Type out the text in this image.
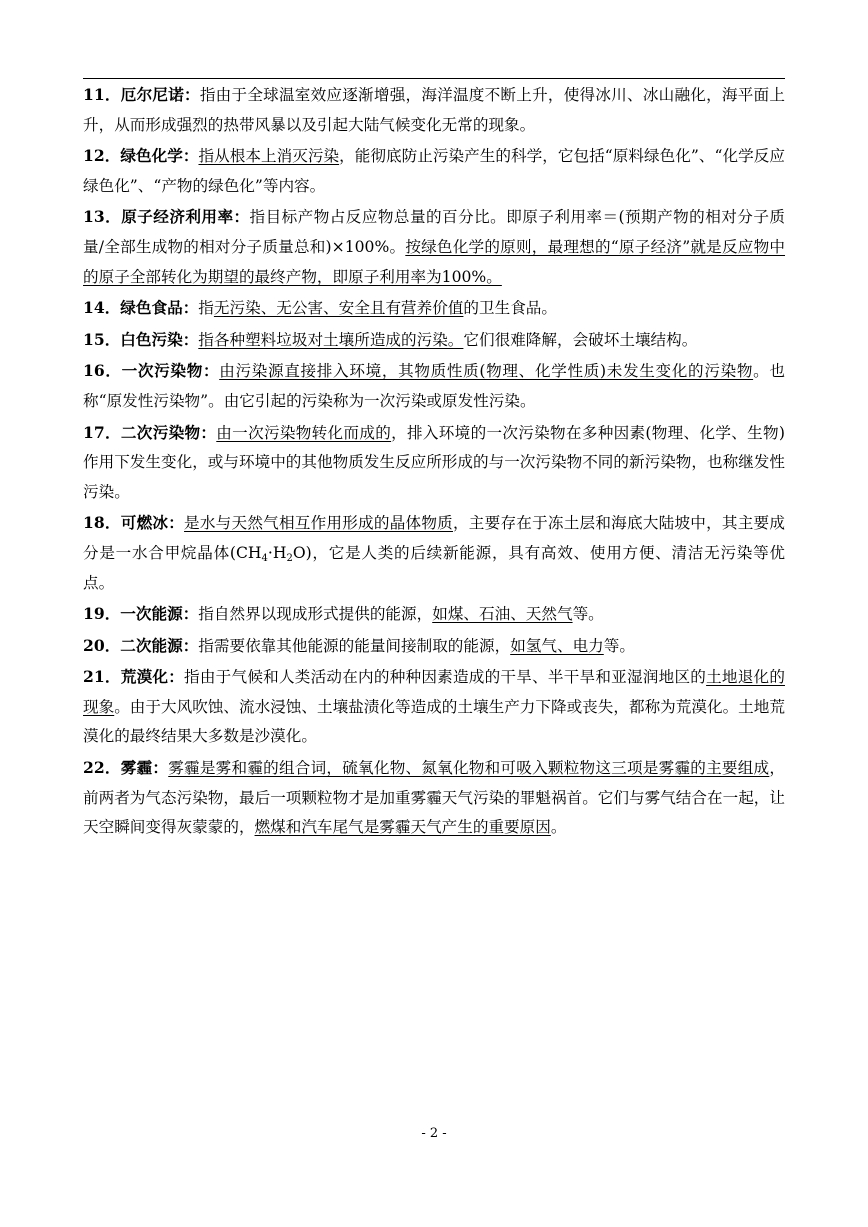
11．厄尔尼诺：指由于全球温室效应逐渐增强，海洋温度不断上升，使得冰川、冰山融化，海平面上升，从而形成强烈的热带风暴以及引起大陆气候变化无常的现象。

12．绿色化学：指从根本上消灭污染，能彻底防止污染产生的科学，它包括“原料绿色化”、“化学反应绿色化”、“产物的绿色化”等内容。

13．原子经济利用率：指目标产物占反应物总量的百分比。即原子利用率＝(预期产物的相对分子质量/全部生成物的相对分子质量总和)×100%。按绿色化学的原则，最理想的“原子经济”就是反应物中的原子全部转化为期望的最终产物，即原子利用率为100%。

14．绿色食品：指无污染、无公害、安全且有营养价值的卫生食品。

15．白色污染：指各种塑料垃圾对土壤所造成的污染。它们很难降解，会破坏土壤结构。

16．一次污染物：由污染源直接排入环境，其物质性质(物理、化学性质)未发生变化的污染物。也称“原发性污染物”。由它引起的污染称为一次污染或原发性污染。

17．二次污染物：由一次污染物转化而成的，排入环境的一次污染物在多种因素(物理、化学、生物)作用下发生变化，或与环境中的其他物质发生反应所形成的与一次污染物不同的新污染物，也称继发性污染。

18．可燃冰：是水与天然气相互作用形成的晶体物质，主要存在于冻土层和海底大陆坡中，其主要成分是一水合甲烷晶体$(CH_4\cdot H_2O)$，它是人类的后续新能源，具有高效、使用方便、清洁无污染等优点。

19．一次能源：指自然界以现成形式提供的能源，如煤、石油、天然气等。

20．二次能源：指需要依靠其他能源的能量间接制取的能源，如氢气、电力等。

21．荒漠化：指由于气候和人类活动在内的种种因素造成的干旱、半干旱和亚湿润地区的土地退化的现象。由于大风吹蚀、流水浸蚀、土壤盐渍化等造成的土壤生产力下降或丧失，都称为荒漠化。土地荒漠化的最终结果大多数是沙漠化。

22．雾霾：雾霾是雾和霾的组合词，硫氧化物、氮氧化物和可吸入颗粒物这三项是雾霾的主要组成，前两者为气态污染物，最后一项颗粒物才是加重雾霾天气污染的罪魁祸首。它们与雾气结合在一起，让天空瞬间变得灰蒙蒙的，燃煤和汽车尾气是雾霾天气产生的重要原因。

- 2 -
